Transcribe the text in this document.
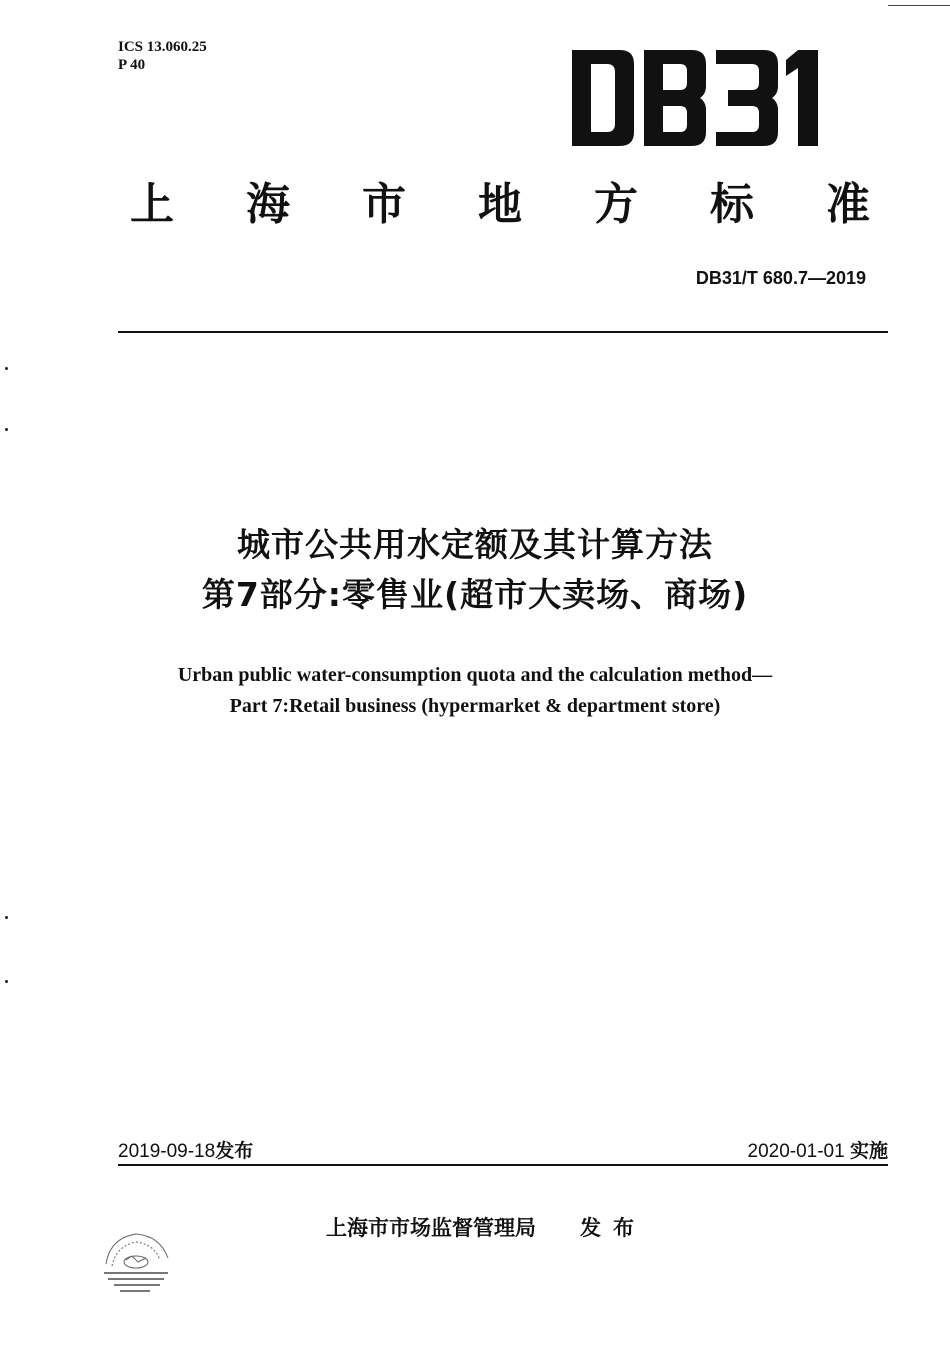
ICS 13.060.25
P 40
上 海 市 地 方 标 准
DB31/T 680.7—2019
城市公共用水定额及其计算方法
第7部分:零售业(超市大卖场、商场)
Urban public water-consumption quota and the calculation method—
Part 7:Retail business (hypermarket & department store)
2019-09-18发布	2020-01-01 实施
上海市市场监督管理局 发布
